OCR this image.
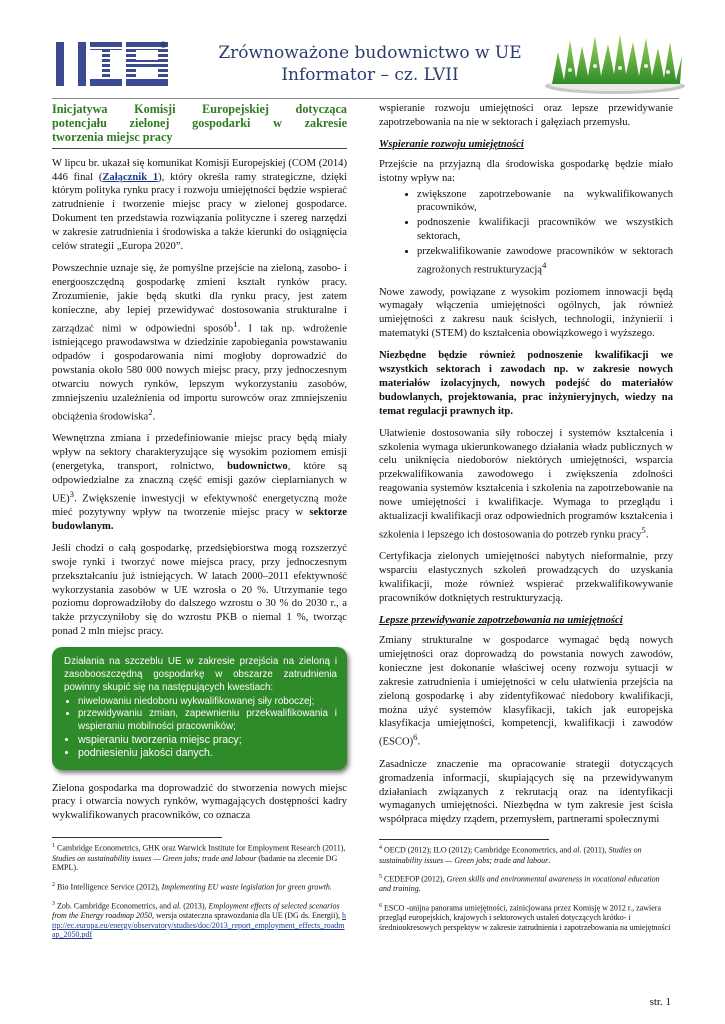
®	Zrównoważone budownictwo w UE
Informator – cz. LVII
Inicjatywa Komisji Europejskiej dotycząca
potencjału zielonej gospodarki w zakresie
tworzenia miejsc pracy

W lipcu br. ukazał się komunikat Komisji Europejskiej (COM (2014) 446 final (Załącznik 1), który określa ramy strategiczne, dzięki którym polityka rynku pracy i rozwoju umiejętności będzie wspierać zatrudnienie i tworzenie miejsc pracy w zielonej gospodarce. Dokument ten przedstawia rozwiązania polityczne i szereg narzędzi w zakresie zatrudnienia i środowiska a także kierunki do osiągnięcia celów strategii „Europa 2020”.

Powszechnie uznaje się, że pomyślne przejście na zieloną, zasobo- i energooszczędną gospodarkę zmieni kształt rynków pracy. Zrozumienie, jakie będą skutki dla rynku pracy, jest zatem konieczne, aby lepiej przewidywać dostosowania strukturalne i zarządzać nimi w odpowiedni sposób$^1$. I tak np. wdrożenie istniejącego prawodawstwa w dziedzinie zapobiegania powstawaniu odpadów i gospodarowania nimi mogłoby doprowadzić do powstania około 580 000 nowych miejsc pracy, przy jednoczesnym otwarciu nowych rynków, lepszym wykorzystaniu zasobów, zmniejszeniu uzależnienia od importu surowców oraz zmniejszeniu obciążenia środowiska$^2$.

Wewnętrzna zmiana i przedefiniowanie miejsc pracy będą miały wpływ na sektory charakteryzujące się wysokim poziomem emisji (energetyka, transport, rolnictwo, budownictwo, które są odpowiedzialne za znaczną część emisji gazów cieplarnianych w UE)$^3$. Zwiększenie inwestycji w efektywność energetyczną może mieć pozytywny wpływ na tworzenie miejsc pracy w sektorze budowlanym.

Jeśli chodzi o całą gospodarkę, przedsiębiorstwa mogą rozszerzyć swoje rynki i tworzyć nowe miejsca pracy, przy jednoczesnym przekształcaniu już istniejących. W latach 2000–2011 efektywność wykorzystania zasobów w UE wzrosła o 20 %. Utrzymanie tego poziomu doprowadziłoby do dalszego wzrostu o 30 % do 2030 r., a także przyczyniłoby się do wzrostu PKB o niemal 1 %, tworząc ponad 2 mln miejsc pracy.

Działania na szczeblu UE w zakresie przejścia na zieloną i zasobooszczędną gospodarkę w obszarze zatrudnienia powinny skupić się na następujących kwestiach:
• niwelowaniu niedoboru wykwalifikowanej siły roboczej;
• przewidywaniu zmian, zapewnieniu przekwalifikowania i wspieraniu mobilności pracowników;
• wspieraniu tworzenia miejsc pracy;
• podniesieniu jakości danych.

Zielona gospodarka ma doprowadzić do stworzenia nowych miejsc pracy i otwarcia nowych rynków, wymagających dostępności kadry wykwalifikowanych pracowników, co oznacza

$^1$ Cambridge Econometrics, GHK oraz Warwick Institute for Employment Research (2011), Studies on sustainability issues — Green jobs; trade and labour (badanie na zlecenie DG EMPL).

$^2$ Bio Intelligence Service (2012), Implementing EU waste legislation for green growth.

$^3$ Zob. Cambridge Econometrics, and al. (2013), Employment effects of selected scenarios from the Energy roadmap 2050, wersja ostateczna sprawozdania dla UE (DG ds. Energii), http://ec.europa.eu/energy/observatory/studies/doc/2013_report_employment_effects_roadmap_2050.pdf

wspieranie rozwoju umiejętności oraz lepsze przewidywanie zapotrzebowania na nie w sektorach i gałęziach przemysłu.

Wspieranie rozwoju umiejętności

Przejście na przyjazną dla środowiska gospodarkę będzie miało istotny wpływ na:

• zwiększone zapotrzebowanie na wykwalifikowanych pracowników,
• podnoszenie kwalifikacji pracowników we wszystkich sektorach,
• przekwalifikowanie zawodowe pracowników w sektorach zagrożonych restrukturyzacją$^4$

Nowe zawody, powiązane z wysokim poziomem innowacji będą wymagały włączenia umiejętności ogólnych, jak również umiejętności z zakresu nauk ścisłych, technologii, inżynierii i matematyki (STEM) do kształcenia obowiązkowego i wyższego.

Niezbędne będzie również podnoszenie kwalifikacji we wszystkich sektorach i zawodach np. w zakresie nowych materiałów izolacyjnych, nowych podejść do materiałów budowlanych, projektowania, prac inżynieryjnych, wiedzy na temat regulacji prawnych itp.

Ułatwienie dostosowania siły roboczej i systemów kształcenia i szkolenia wymaga ukierunkowanego działania władz publicznych w celu uniknięcia niedoborów niektórych umiejętności, wsparcia przekwalifikowania zawodowego i zwiększenia zdolności reagowania systemów kształcenia i szkolenia na zapotrzebowanie na nowe umiejętności i kwalifikacje. Wymaga to przeglądu i aktualizacji kwalifikacji oraz odpowiednich programów kształcenia i szkolenia i lepszego ich dostosowania do potrzeb rynku pracy$^5$.

Certyfikacja zielonych umiejętności nabytych nieformalnie, przy wsparciu elastycznych szkoleń prowadzących do uzyskania kwalifikacji, może również wspierać przekwalifikowywanie pracowników dotkniętych restrukturyzacją.

Lepsze przewidywanie zapotrzebowania na umiejętności

Zmiany strukturalne w gospodarce wymagać będą nowych umiejętności oraz doprowadzą do powstania nowych zawodów, konieczne jest dokonanie właściwej oceny rozwoju sytuacji w zakresie zatrudnienia i umiejętności w celu ułatwienia przejścia na zieloną gospodarkę i aby zidentyfikować niedobory kwalifikacji, można użyć systemów klasyfikacji, takich jak europejska klasyfikacja umiejętności, kompetencji, kwalifikacji i zawodów (ESCO)$^6$.

Zasadnicze znaczenie ma opracowanie strategii dotyczących gromadzenia informacji, skupiających się na przewidywanym działaniach związanych z rekrutacją oraz na identyfikacji wymaganych umiejętności. Niezbędna w tym zakresie jest ścisła współpraca między rządem, przemysłem, partnerami społecznymi

$^4$ OECD (2012); ILO (2012); Cambridge Econometrics, and al. (2011), Studies on sustainability issues — Green jobs; trade and labour.

$^5$ CEDEFOP (2012), Green skills and environmental awareness in vocational education and training.

$^6$ ESCO -unijna panorama umiejętności, zainicjowana przez Komisję w 2012 r., zawiera przegląd europejskich, krajowych i sektorowych ustaleń dotyczących krótko- i średniookresowych perspektyw w zakresie zatrudnienia i zapotrzebowania na umiejętności

str. 1
